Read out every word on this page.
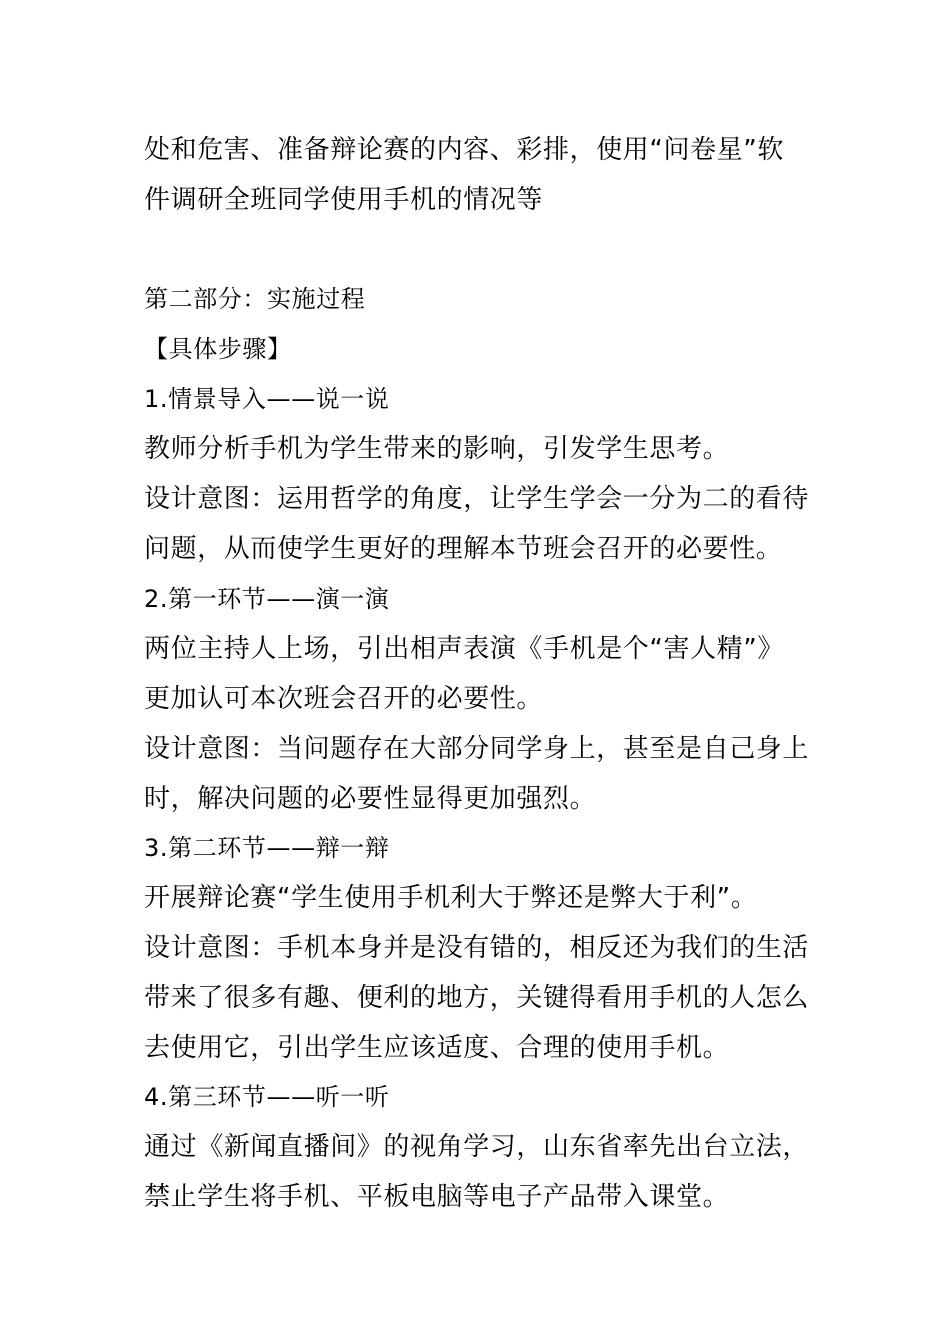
处和危害、准备辩论赛的内容、彩排，使用“问卷星”软
件调研全班同学使用手机的情况等
第二部分：实施过程
【具体步骤】
1.情景导入——说一说
教师分析手机为学生带来的影响，引发学生思考。
设计意图：运用哲学的角度，让学生学会一分为二的看待
问题，从而使学生更好的理解本节班会召开的必要性。
2.第一环节——演一演
两位主持人上场，引出相声表演《手机是个“害人精”》
更加认可本次班会召开的必要性。
设计意图：当问题存在大部分同学身上，甚至是自己身上
时，解决问题的必要性显得更加强烈。
3.第二环节——辩一辩
开展辩论赛“学生使用手机利大于弊还是弊大于利”。
设计意图：手机本身并是没有错的，相反还为我们的生活
带来了很多有趣、便利的地方，关键得看用手机的人怎么
去使用它，引出学生应该适度、合理的使用手机。
4.第三环节——听一听
通过《新闻直播间》的视角学习，山东省率先出台立法，
禁止学生将手机、平板电脑等电子产品带入课堂。
